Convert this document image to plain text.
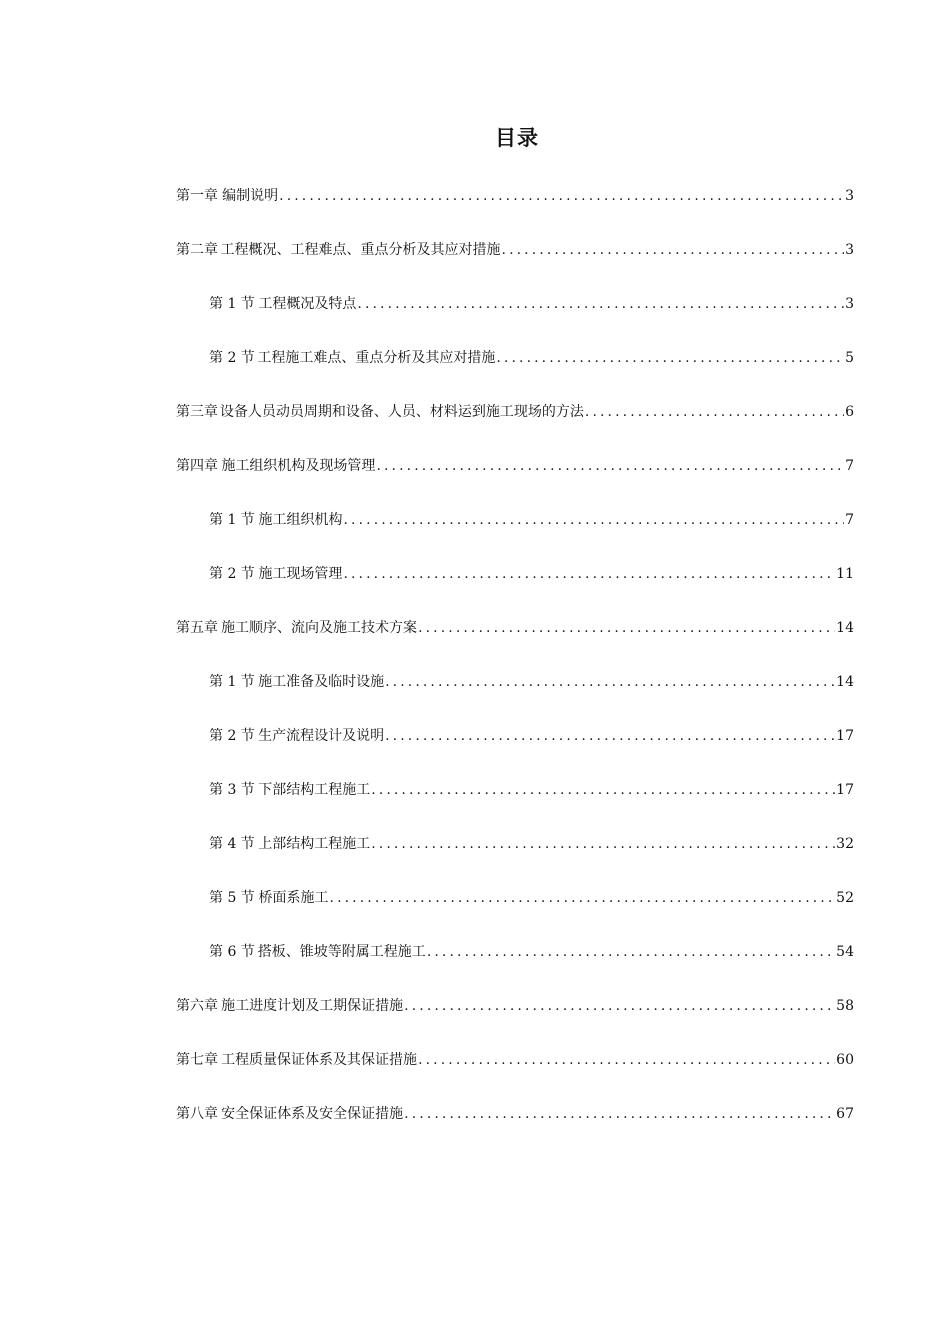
目录
第一章 编制说明 .....	3
第二章 工程概况、工程难点、重点分析及其应对措施 .....	3
第 1 节 工程概况及特点 .....	3
第 2 节 工程施工难点、重点分析及其应对措施 .....	5
第三章 设备人员动员周期和设备、人员、材料运到施工现场的方法 .....	6
第四章 施工组织机构及现场管理 .....	7
第 1 节 施工组织机构 .....	7
第 2 节 施工现场管理 .....	11
第五章 施工顺序、流向及施工技术方案 .....	14
第 1 节 施工准备及临时设施 .....	14
第 2 节 生产流程设计及说明 .....	17
第 3 节 下部结构工程施工 .....	17
第 4 节 上部结构工程施工 .....	32
第 5 节 桥面系施工 .....	52
第 6 节 搭板、锥坡等附属工程施工 .....	54
第六章 施工进度计划及工期保证措施 .....	58
第七章 工程质量保证体系及其保证措施 .....	60
第八章 安全保证体系及安全保证措施 .....	67
